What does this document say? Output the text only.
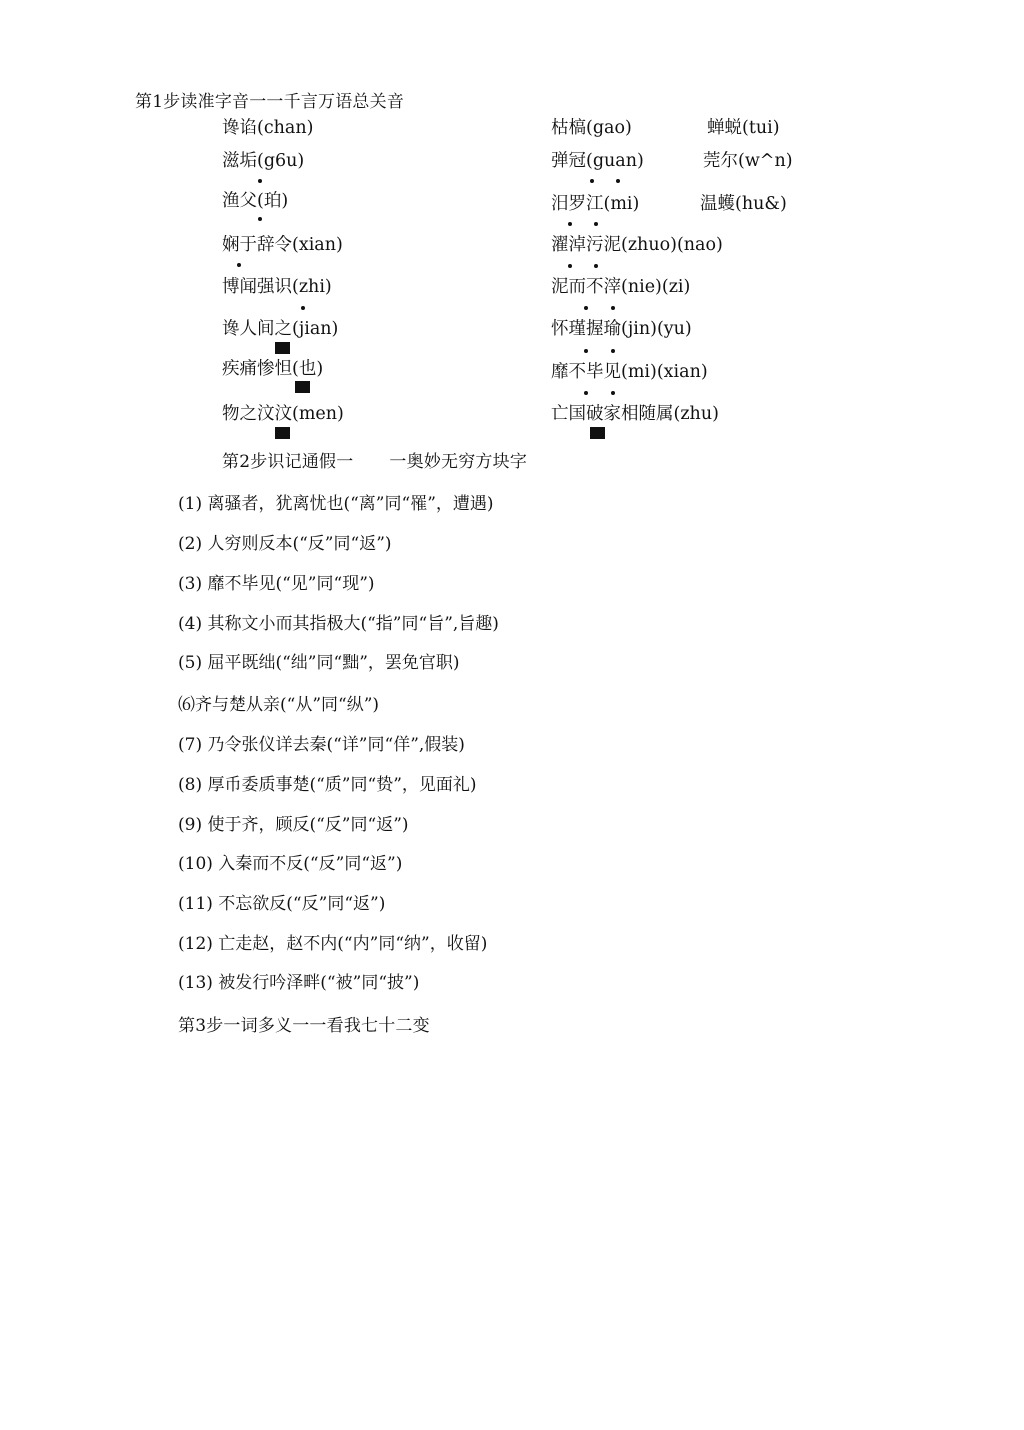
第1步读准字音一一千言万语总关音
谗谄(chan)	枯槁(gao)	蝉蜕(tui)
滋垢(g6u)	弹冠(guan)	莞尔(w^n)
渔父(珀)	汨罗江(mi)	温蠖(hu&)
娴于辞令(xian)	濯淖污泥(zhuo)(nao)
博闻强识(zhi)	泥而不滓(nie)(zi)
谗人间之(jian)	怀瑾握瑜(jin)(yu)
疾痛惨怛(也)	靡不毕见(mi)(xian)
物之汶汶(men)	亡国破家相随属(zhu)
第2步识记通假一 一奥妙无穷方块字
(1) 离骚者，犹离忧也(“离”同“罹”，遭遇)
(2) 人穷则反本(“反”同“返”)
(3) 靡不毕见(“见”同“现”)
(4) 其称文小而其指极大(“指”同“旨”,旨趣)
(5) 屈平既绌(“绌”同“黜”，罢免官职)
⑹齐与楚从亲(“从”同“纵”)
(7) 乃令张仪详去秦(“详”同“佯”,假装)
(8) 厚币委质事楚(“质”同“贽”，见面礼)
(9) 使于齐，顾反(“反”同“返”)
(10) 入秦而不反(“反”同“返”)
(11) 不忘欲反(“反”同“返”)
(12) 亡走赵，赵不内(“内”同“纳”，收留)
(13) 被发行吟泽畔(“被”同“披”)
第3步一词多义一一看我七十二变
